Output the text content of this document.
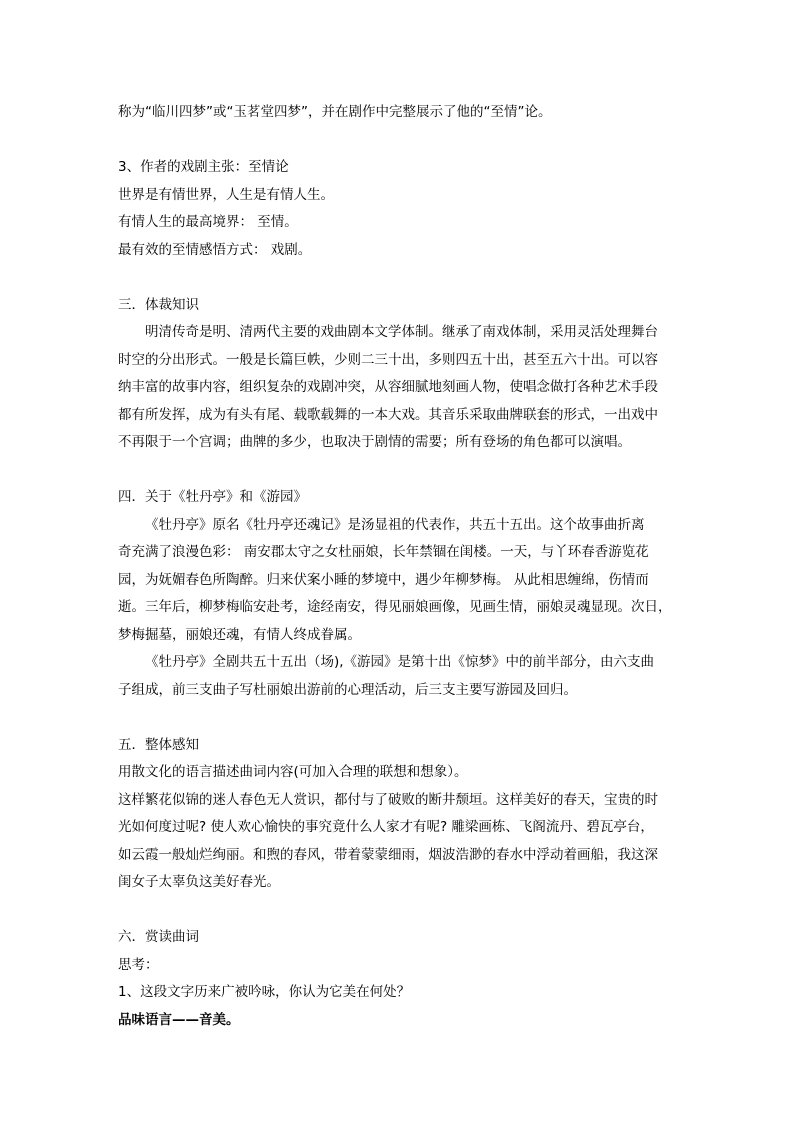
称为“临川四梦”或“玉茗堂四梦”，并在剧作中完整展示了他的“至情”论。
3、作者的戏剧主张：至情论
世界是有情世界，人生是有情人生。
有情人生的最高境界： 至情。
最有效的至情感悟方式： 戏剧。
三．体裁知识
明清传奇是明、清两代主要的戏曲剧本文学体制。继承了南戏体制，采用灵活处理舞台
时空的分出形式。一般是长篇巨帙，少则二三十出，多则四五十出，甚至五六十出。可以容
纳丰富的故事内容，组织复杂的戏剧冲突，从容细腻地刻画人物，使唱念做打各种艺术手段
都有所发挥，成为有头有尾、载歌载舞的一本大戏。其音乐采取曲牌联套的形式，一出戏中
不再限于一个宫调；曲牌的多少，也取决于剧情的需要；所有登场的角色都可以演唱。
四．关于《牡丹亭》和《游园》
《牡丹亭》原名《牡丹亭还魂记》是汤显祖的代表作，共五十五出。这个故事曲折离
奇充满了浪漫色彩： 南安郡太守之女杜丽娘，长年禁锢在闺楼。一天，与丫环春香游览花
园，为妩媚春色所陶醉。归来伏案小睡的梦境中，遇少年柳梦梅。 从此相思缠绵，伤情而
逝。三年后，柳梦梅临安赴考，途经南安，得见丽娘画像，见画生情，丽娘灵魂显现。次日，
梦梅掘墓，丽娘还魂，有情人终成眷属。
《牡丹亭》全剧共五十五出（场),《游园》是第十出《惊梦》中的前半部分，由六支曲
子组成，前三支曲子写杜丽娘出游前的心理活动，后三支主要写游园及回归。
五．整体感知
用散文化的语言描述曲词内容(可加入合理的联想和想象）。
这样繁花似锦的迷人春色无人赏识，都付与了破败的断井颓垣。这样美好的春天，宝贵的时
光如何度过呢? 使人欢心愉快的事究竟什么人家才有呢? 雕梁画栋、飞阁流丹、碧瓦亭台，
如云霞一般灿烂绚丽。和煦的春风，带着蒙蒙细雨，烟波浩渺的春水中浮动着画船，我这深
闺女子太辜负这美好春光。
六．赏读曲词
思考：
1、这段文字历来广被吟咏，你认为它美在何处？
品味语言——音美。
